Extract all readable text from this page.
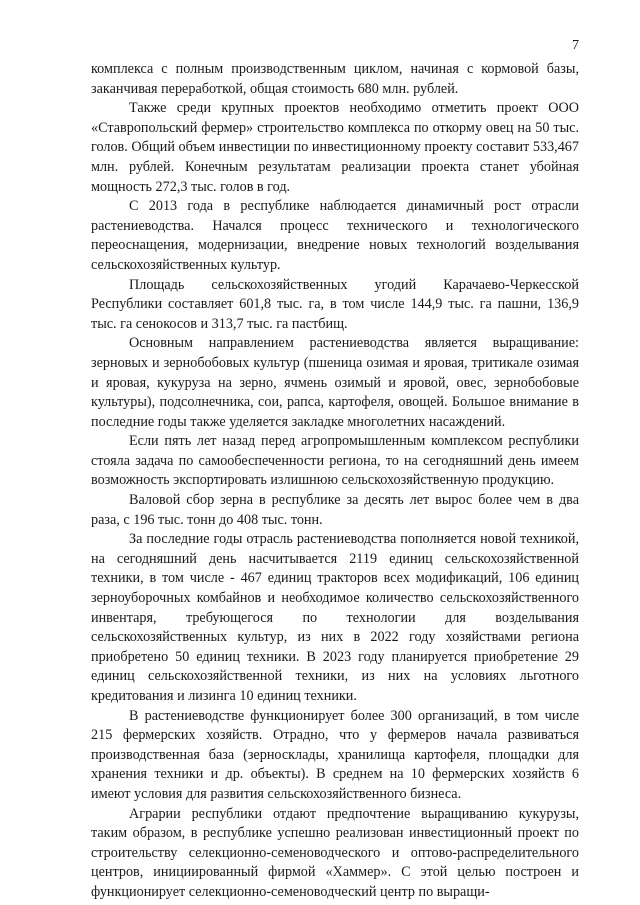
7

комплекса с полным производственным циклом, начиная с кормовой базы, заканчивая переработкой, общая стоимость 680 млн. рублей.

Также среди крупных проектов необходимо отметить проект ООО «Ставропольский фермер» строительство комплекса по откорму овец на 50 тыс. голов. Общий объем инвестиции по инвестиционному проекту составит 533,467 млн. рублей. Конечным результатам реализации проекта станет убойная мощность 272,3 тыс. голов в год.

С 2013 года в республике наблюдается динамичный рост отрасли растениеводства. Начался процесс технического и технологического переоснащения, модернизации, внедрение новых технологий возделывания сельскохозяйственных культур.

Площадь сельскохозяйственных угодий Карачаево-Черкесской Республики составляет 601,8 тыс. га, в том числе 144,9 тыс. га пашни, 136,9 тыс. га сенокосов и 313,7 тыс. га пастбищ.

Основным направлением растениеводства является выращивание: зерновых и зернобобовых культур (пшеница озимая и яровая, тритикале озимая и яровая, кукуруза на зерно, ячмень озимый и яровой, овес, зернобобовые культуры), подсолнечника, сои, рапса, картофеля, овощей. Большое внимание в последние годы также уделяется закладке многолетних насаждений.

Если пять лет назад перед агропромышленным комплексом республики стояла задача по самообеспеченности региона, то на сегодняшний день имеем возможность экспортировать излишнюю сельскохозяйственную продукцию.

Валовой сбор зерна в республике за десять лет вырос более чем в два раза, с 196 тыс. тонн до 408 тыс. тонн.

За последние годы отрасль растениеводства пополняется новой техникой, на сегодняшний день насчитывается 2119 единиц сельскохозяйственной техники, в том числе - 467 единиц тракторов всех модификаций, 106 единиц зерноуборочных комбайнов и необходимое количество сельскохозяйственного инвентаря, требующегося по технологии для возделывания сельскохозяйственных культур, из них в 2022 году хозяйствами региона приобретено 50 единиц техники. В 2023 году планируется приобретение 29 единиц сельскохозяйственной техники, из них на условиях льготного кредитования и лизинга 10 единиц техники.

В растениеводстве функционирует более 300 организаций, в том числе 215 фермерских хозяйств. Отрадно, что у фермеров начала развиваться производственная база (зерносклады, хранилища картофеля, площадки для хранения техники и др. объекты). В среднем на 10 фермерских хозяйств 6 имеют условия для развития сельскохозяйственного бизнеса.

Аграрии республики отдают предпочтение выращиванию кукурузы, таким образом, в республике успешно реализован инвестиционный проект по строительству селекционно-семеноводческого и оптово-распределительного центров, инициированный фирмой «Хаммер». С этой целью построен и функционирует селекционно-семеноводческий центр по выращи-
